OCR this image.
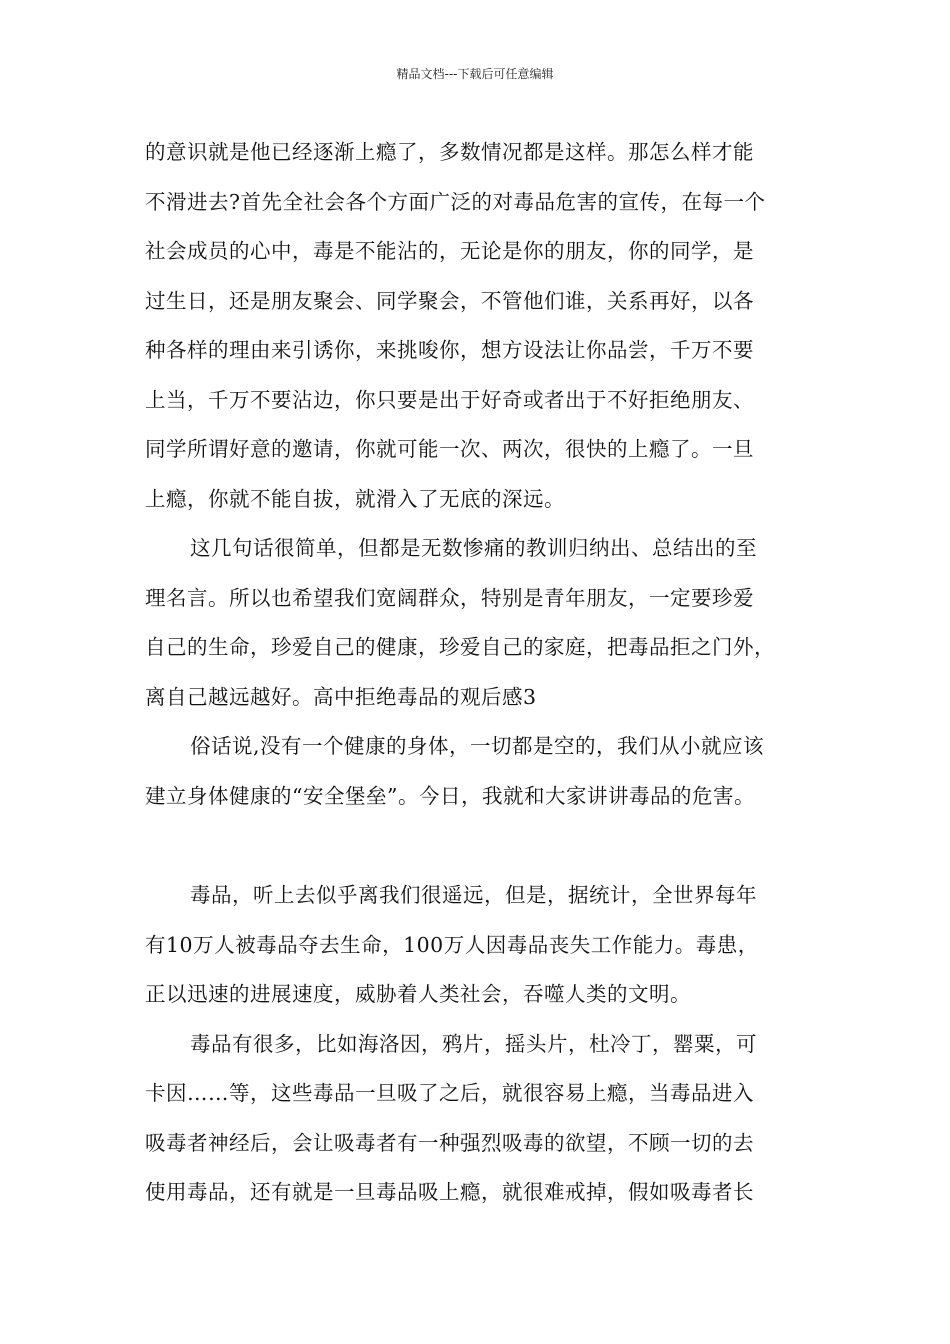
精品文档---下载后可任意编辑
的意识就是他已经逐渐上瘾了，多数情况都是这样。那怎么样才能
不滑进去?首先全社会各个方面广泛的对毒品危害的宣传，在每一个
社会成员的心中，毒是不能沾的，无论是你的朋友，你的同学，是
过生日，还是朋友聚会、同学聚会，不管他们谁，关系再好，以各
种各样的理由来引诱你，来挑唆你，想方设法让你品尝，千万不要
上当，千万不要沾边，你只要是出于好奇或者出于不好拒绝朋友、
同学所谓好意的邀请，你就可能一次、两次，很快的上瘾了。一旦
上瘾，你就不能自拔，就滑入了无底的深远。
这几句话很简单，但都是无数惨痛的教训归纳出、总结出的至
理名言。所以也希望我们宽阔群众，特别是青年朋友，一定要珍爱
自己的生命，珍爱自己的健康，珍爱自己的家庭，把毒品拒之门外，
离自己越远越好。高中拒绝毒品的观后感3
俗话说,没有一个健康的身体，一切都是空的，我们从小就应该
建立身体健康的“安全堡垒”。今日，我就和大家讲讲毒品的危害。
毒品，听上去似乎离我们很遥远，但是，据统计，全世界每年
有10万人被毒品夺去生命，100万人因毒品丧失工作能力。毒患，
正以迅速的进展速度，威胁着人类社会，吞噬人类的文明。
毒品有很多，比如海洛因，鸦片，摇头片，杜冷丁，罂粟，可
卡因……等，这些毒品一旦吸了之后，就很容易上瘾，当毒品进入
吸毒者神经后，会让吸毒者有一种强烈吸毒的欲望，不顾一切的去
使用毒品，还有就是一旦毒品吸上瘾，就很难戒掉，假如吸毒者长
